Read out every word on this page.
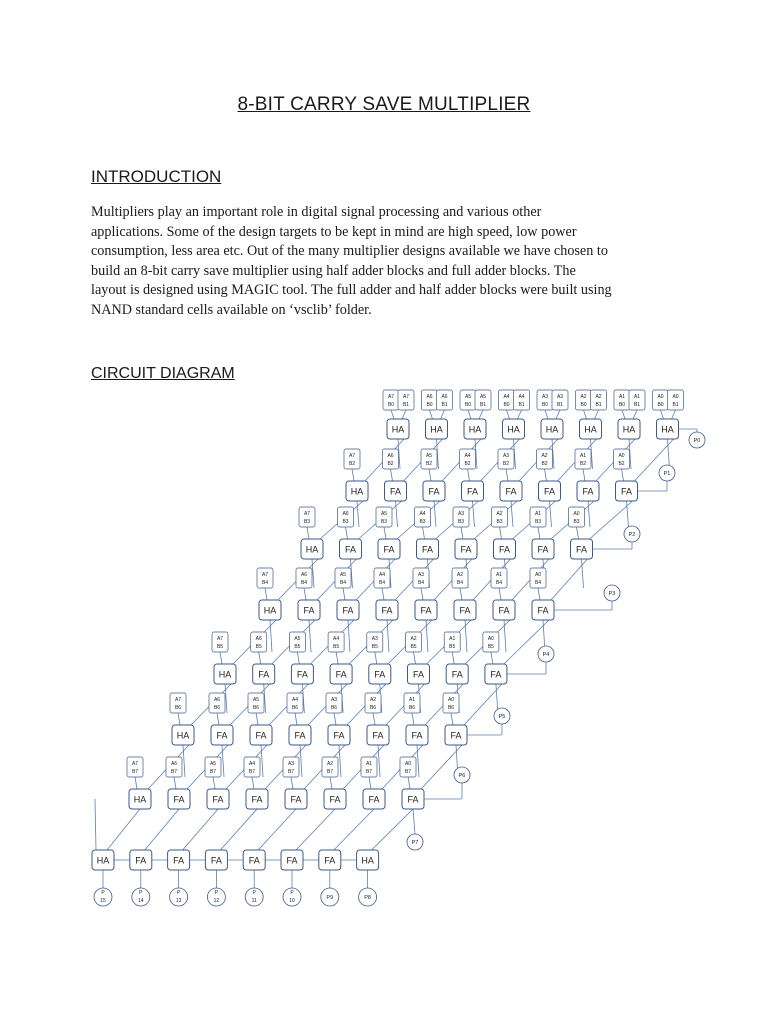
8-BIT CARRY SAVE MULTIPLIER
INTRODUCTION

Multipliers play an important role in digital signal processing and various other
applications. Some of the design targets to be kept in mind are high speed, low power
consumption, less area etc. Out of the many multiplier designs available we have chosen to
build an 8-bit carry save multiplier using half adder blocks and full adder blocks. The
layout is designed using MAGIC tool. The full adder and half adder blocks were built using
NAND standard cells available on ‘vsclib’ folder.

CIRCUIT DIAGRAM
A7
B0
A7
B1
A6
B0
A6
B1
A5
B0
A5
B1
A4
B0
A4
B1
A3
B0
A3
B1
A2
B0
A2
B1
A1
B0
A1
B1
A0
B0
A0
B1
HA	HA	HA	HA	HA	HA	HA	HA
P0
A7
B2
HA
A6
B2
FA
A5
B2
FA
A4
B2
FA
A3
B2
FA
A2
B2
FA
A1
B2
FA
A0
B2
FA
P1
A7
B3
HA
A6
B3
FA
A5
B3
FA
A4
B3
FA
A3
B3
FA
A2
B3
FA
A1
B3
FA
A0
B3
FA
P2
A7
B4
HA
A6
B4
FA
A5
B4
FA
A4
B4
FA
A3
B4
FA
A2
B4
FA
A1
B4
FA
A0
B4
FA
P3
A7
B5
HA
A6
B5
FA
A5
B5
FA
A4
B5
FA
A3
B5
FA
A2
B5
FA
A1
B5
FA
A0
B5
FA
P4
A7
B6
HA
A6
B6
FA
A5
B6
FA
A4
B6
FA
A3
B6
FA
A2
B6
FA
A1
B6
FA
A0
B6
FA
P5
A7
B7
HA
A6
B7
FA
A5
B7
FA
A4
B7
FA
A3
B7
FA
A2
B7
FA
A1
B7
FA
A0
B7
FA
P6
P7
HA
P
15
FA
P
14
FA
P
13
FA
P
12
FA
P
11
FA
P
10
FA
P9
HA
P8
